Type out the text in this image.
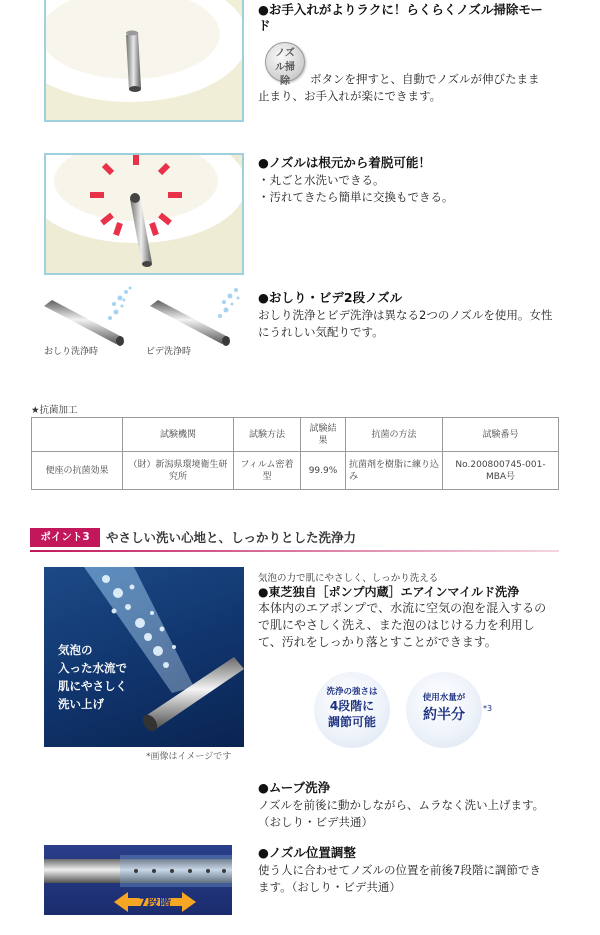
●お手入れがよりラクに！らくらくノズル掃除モード
ノズル掃除	ボタンを押すと、自動でノズルが伸びたまま止まり、お手入れが楽にできます。
●ノズルは根元から着脱可能！
・丸ごと水洗いできる。
・汚れてきたら簡単に交換もできる。
おしり洗浄時	ビデ洗浄時
●おしり・ビデ2段ノズル
おしり洗浄とビデ洗浄は異なる2つのノズルを使用。女性にうれしい気配りです。
★抗菌加工
	試験機関	試験方法	試験結果	抗菌の方法	試験番号
便座の抗菌効果	（財）新潟県環境衛生研究所	フィルム密着型	99.9%	抗菌剤を樹脂に練り込み	No.200800745-001-MBA号
ポイント3	やさしい洗い心地と、しっかりとした洗浄力
気泡の
入った水流で
肌にやさしく
洗い上げ
*画像はイメージです
気泡の力で肌にやさしく、しっかり洗える
●東芝独自［ポンプ内蔵］エアインマイルド洗浄
本体内のエアポンプで、水流に空気の泡を混入するので肌にやさしく洗え、また泡のはじける力を利用して、汚れをしっかり落とすことができます。
洗浄の強さは
4段階に
調節可能
使用水量が
約半分	*3
●ムーブ洗浄
ノズルを前後に動かしながら、ムラなく洗い上げます。（おしり・ビデ共通）
7段階
●ノズル位置調整
使う人に合わせてノズルの位置を前後7段階に調節できます。（おしり・ビデ共通）
